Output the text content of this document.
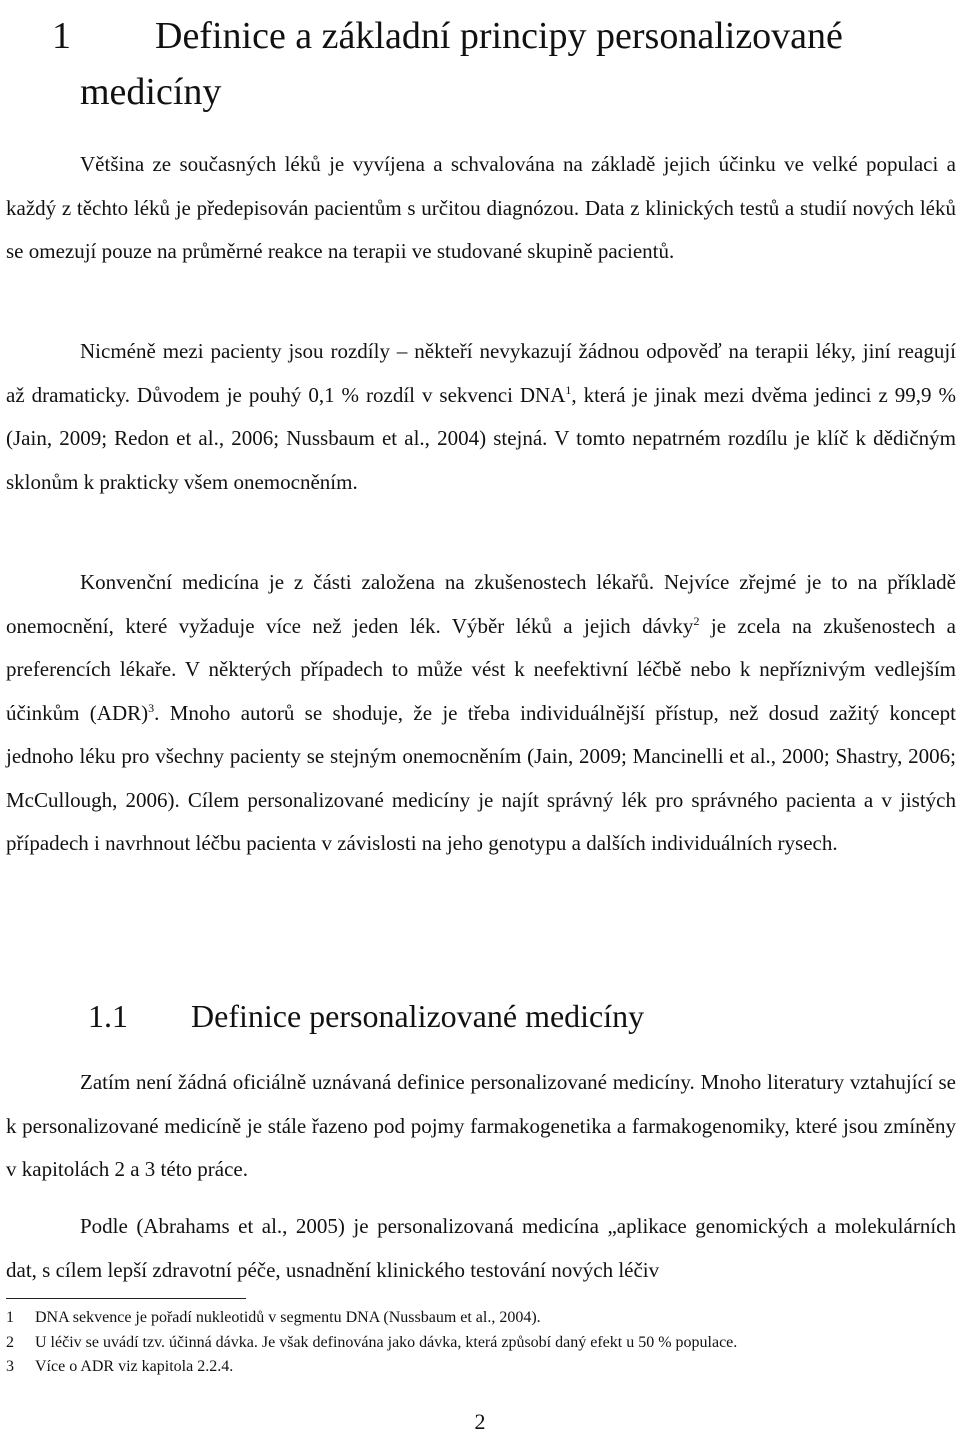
1 Definice a základní principy personalizované
medicíny

Většina ze současných léků je vyvíjena a schvalována na základě jejich účinku ve velké populaci a každý z těchto léků je předepisován pacientům s určitou diagnózou. Data z klinických testů a studií nových léků se omezují pouze na průměrné reakce na terapii ve studované skupině pacientů.

Nicméně mezi pacienty jsou rozdíly – někteří nevykazují žádnou odpověď na terapii léky, jiní reagují až dramaticky. Důvodem je pouhý 0,1 % rozdíl v sekvenci DNA$^1$, která je jinak mezi dvěma jedinci z 99,9 % (Jain, 2009; Redon et al., 2006; Nussbaum et al., 2004) stejná. V tomto nepatrném rozdílu je klíč k dědičným sklonům k prakticky všem onemocněním.

Konvenční medicína je z části založena na zkušenostech lékařů. Nejvíce zřejmé je to na příkladě onemocnění, které vyžaduje více než jeden lék. Výběr léků a jejich dávky$^2$ je zcela na zkušenostech a preferencích lékaře. V některých případech to může vést k neefektivní léčbě nebo k nepříznivým vedlejším účinkům (ADR)$^3$. Mnoho autorů se shoduje, že je třeba individuálnější přístup, než dosud zažitý koncept jednoho léku pro všechny pacienty se stejným onemocněním (Jain, 2009; Mancinelli et al., 2000; Shastry, 2006; McCullough, 2006). Cílem personalizované medicíny je najít správný lék pro správného pacienta a v jistých případech i navrhnout léčbu pacienta v závislosti na jeho genotypu a dalších individuálních rysech.

1.1 Definice personalizované medicíny

Zatím není žádná oficiálně uznávaná definice personalizované medicíny. Mnoho literatury vztahující se k personalizované medicíně je stále řazeno pod pojmy farmakogenetika a farmakogenomiky, které jsou zmíněny v kapitolách 2 a 3 této práce.

Podle (Abrahams et al., 2005) je personalizovaná medicína „aplikace genomických a molekulárních dat, s cílem lepší zdravotní péče, usnadnění klinického testování nových léčiv

1 DNA sekvence je pořadí nukleotidů v segmentu DNA (Nussbaum et al., 2004).
2 U léčiv se uvádí tzv. účinná dávka. Je však definována jako dávka, která způsobí daný efekt u 50 % populace.
3 Více o ADR viz kapitola 2.2.4.
2
